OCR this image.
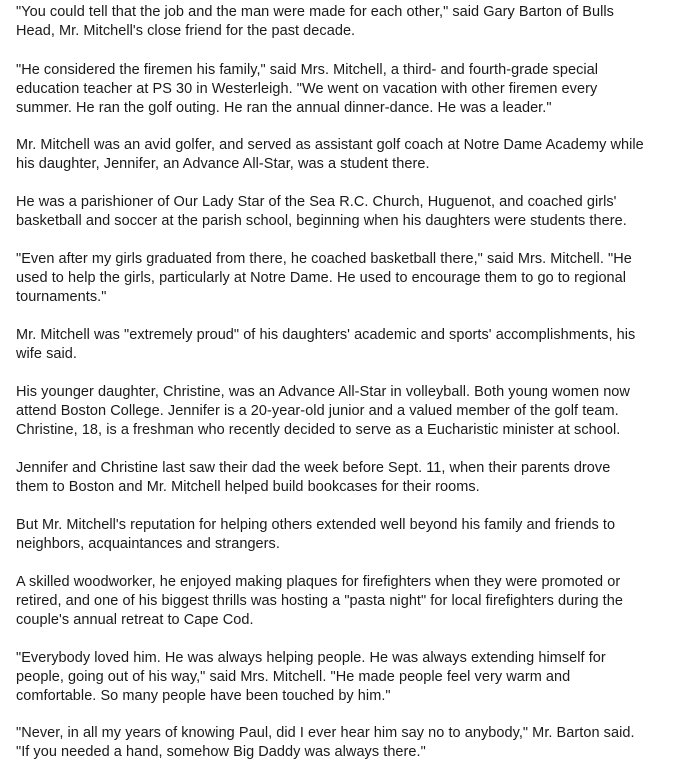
"You could tell that the job and the man were made for each other," said Gary Barton of Bulls
Head, Mr. Mitchell's close friend for the past decade.

"He considered the firemen his family," said Mrs. Mitchell, a third- and fourth-grade special
education teacher at PS 30 in Westerleigh. "We went on vacation with other firemen every
summer. He ran the golf outing. He ran the annual dinner-dance. He was a leader."

Mr. Mitchell was an avid golfer, and served as assistant golf coach at Notre Dame Academy while
his daughter, Jennifer, an Advance All-Star, was a student there.

He was a parishioner of Our Lady Star of the Sea R.C. Church, Huguenot, and coached girls'
basketball and soccer at the parish school, beginning when his daughters were students there.

"Even after my girls graduated from there, he coached basketball there," said Mrs. Mitchell. "He
used to help the girls, particularly at Notre Dame. He used to encourage them to go to regional
tournaments."

Mr. Mitchell was "extremely proud" of his daughters' academic and sports' accomplishments, his
wife said.

His younger daughter, Christine, was an Advance All-Star in volleyball. Both young women now
attend Boston College. Jennifer is a 20-year-old junior and a valued member of the golf team.
Christine, 18, is a freshman who recently decided to serve as a Eucharistic minister at school.

Jennifer and Christine last saw their dad the week before Sept. 11, when their parents drove
them to Boston and Mr. Mitchell helped build bookcases for their rooms.

But Mr. Mitchell's reputation for helping others extended well beyond his family and friends to
neighbors, acquaintances and strangers.

A skilled woodworker, he enjoyed making plaques for firefighters when they were promoted or
retired, and one of his biggest thrills was hosting a "pasta night" for local firefighters during the
couple's annual retreat to Cape Cod.

"Everybody loved him. He was always helping people. He was always extending himself for
people, going out of his way," said Mrs. Mitchell. "He made people feel very warm and
comfortable. So many people have been touched by him."

"Never, in all my years of knowing Paul, did I ever hear him say no to anybody," Mr. Barton said.
"If you needed a hand, somehow Big Daddy was always there."
